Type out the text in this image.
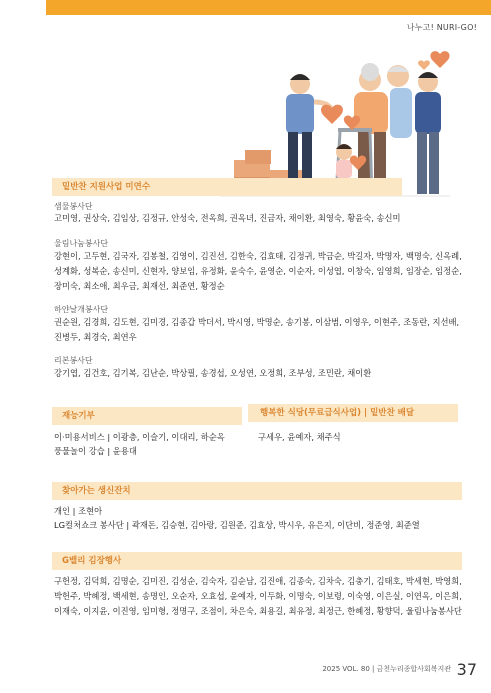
나누고! NURI-GO!
밑반찬 지원사업 미연수
샘물봉사단
고미영, 권상숙, 김임상, 김정규, 안성숙, 전옥희, 권옥녀, 진금자, 채이환, 최영숙, 황윤숙, 송신미
울림나눔봉사단
강현이, 고두현, 김국자, 김봉철, 김영이, 김진선, 김한숙, 김효태, 김정귀, 박금순, 박길자, 박명자, 백명숙, 신옥례, 성계화, 성복순, 송신미, 신현자, 양보임, 유정화, 윤숙수, 윤영순, 이순자, 이성엽, 이창숙, 임영희, 임장순, 임정순, 장미숙, 최소애, 최우금, 최재선, 최준연, 황정순
하얀날개봉사단
권순원, 김경희, 김도현, 김미경, 김종갑 박더서, 박시영, 박명순, 송기봉, 이삼범, 이영우, 이현주, 조동란, 지선배, 진병두, 최경숙, 최연우
리본봉사단
강기엽, 김건호, 김기복, 김난순, 박상필, 송경섭, 오성연, 오정희, 조부성, 조민란, 채이환
재능기부
이·미용서비스 | 이광층, 이슬기, 이대리, 하순옥
풍물놀이 강습 | 윤용대
행복한 식당(무료급식사업) | 밑반찬 배달
구세우, 윤예자, 채주식
찾아가는 생신잔치
개인 | 조현아
LG컬처쇼크 봉사단 | 곽재돈, 김승현, 김아랑, 김원준, 김효상, 박시우, 유은지, 이단비, 정준영, 최준열
G밸리 김장행사
구헌정, 김덕희, 김명순, 김미진, 김성순, 김숙자, 김순남, 김진애, 김종숙, 김차숙, 김충기, 김태호, 박세현, 박영희, 박헌주, 박혜정, 백세현, 송명인, 오순자, 오효섭, 윤예자, 이두화, 이명숙, 이보령, 이숙영, 이은실, 이연옥, 이은희, 이재숙, 이지윤, 이진영, 임미형, 정명구, 조점이, 차은숙, 최용길, 최유정, 최정근, 한혜정, 황향덕, 울림나눔봉사단
2025 VOL. 80 | 금천누리종합사회복지관 37
